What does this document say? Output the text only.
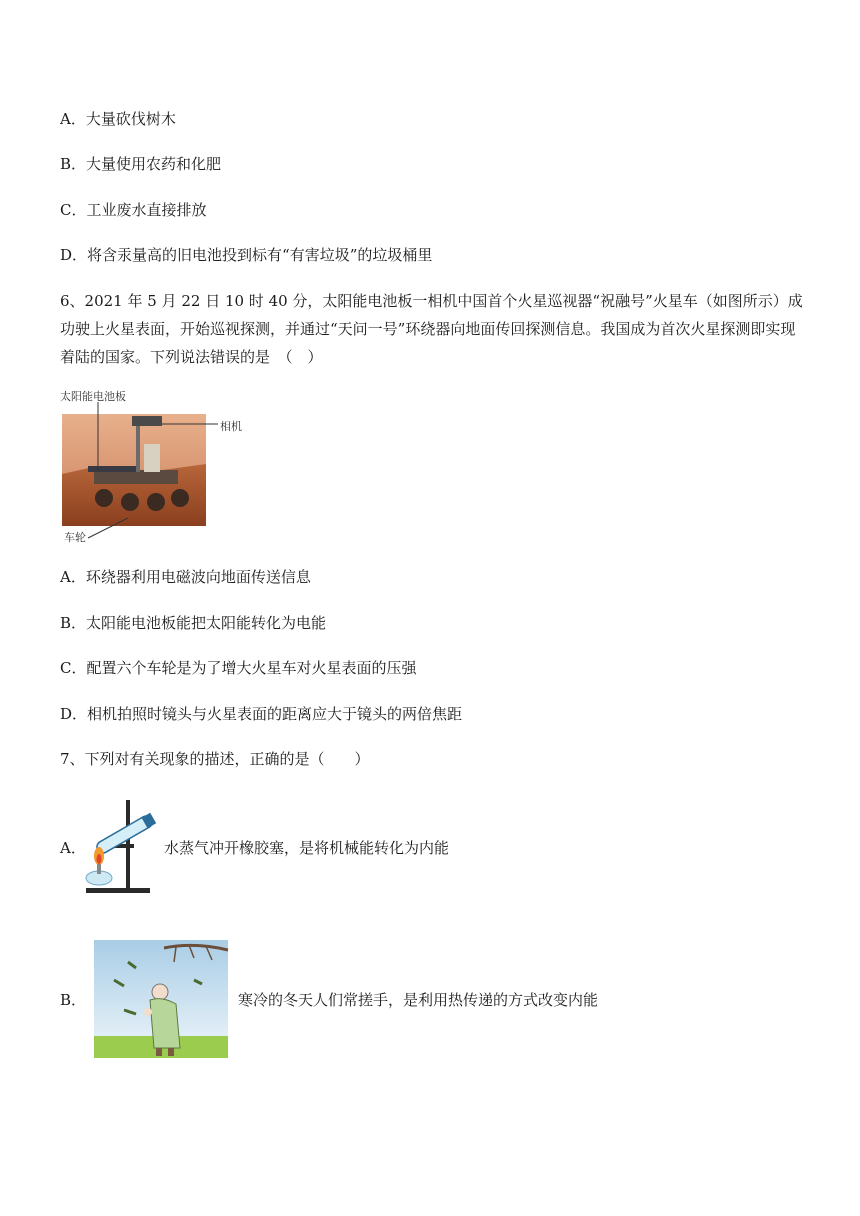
A．大量砍伐树木
B．大量使用农药和化肥
C．工业废水直接排放
D．将含汞量高的旧电池投到标有“有害垃圾”的垃圾桶里
6、2021 年 5 月 22 日 10 时 40 分，太阳能电池板一相机中国首个火星巡视器“祝融号”火星车（如图所示）成功驶上火星表面，开始巡视探测，并通过“天问一号”环绕器向地面传回探测信息。我国成为首次火星探测即实现着陆的国家。下列说法错误的是　（　）
太阳能电池板
相机
车轮
A．环绕器利用电磁波向地面传送信息
B．太阳能电池板能把太阳能转化为电能
C．配置六个车轮是为了增大火星车对火星表面的压强
D．相机拍照时镜头与火星表面的距离应大于镜头的两倍焦距
7、下列对有关现象的描述，正确的是（　　）
A．	水蒸气冲开橡胶塞，是将机械能转化为内能
B．	寒冷的冬天人们常搓手，是利用热传递的方式改变内能
